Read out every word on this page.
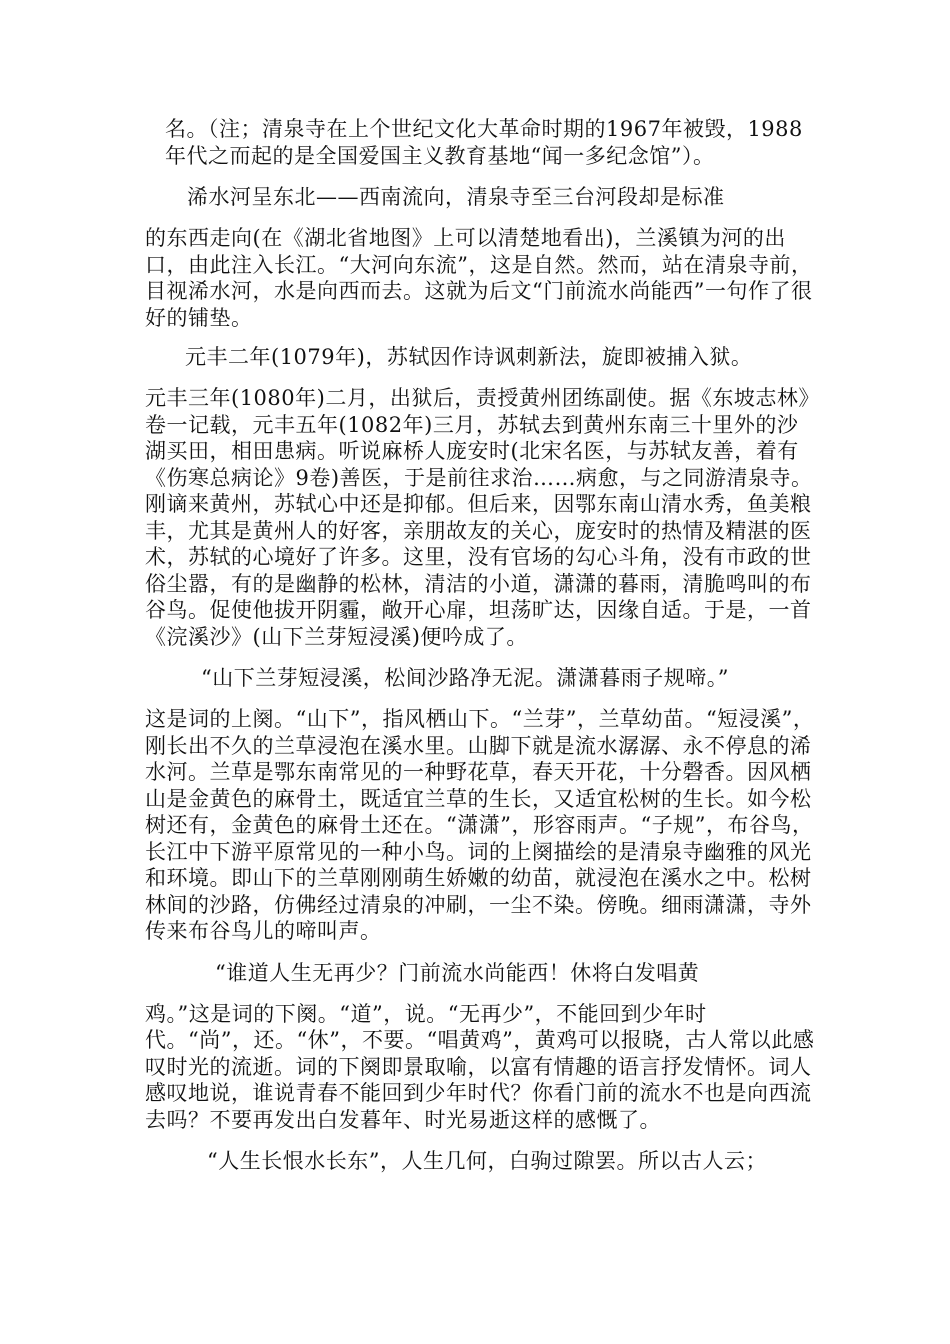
名。（注；清泉寺在上个世纪文化大革命时期的1967年被毁，1988年代之而起的是全国爱国主义教育基地“闻一多纪念馆”）。

浠水河呈东北——西南流向，清泉寺至三台河段却是标准

的东西走向(在《湖北省地图》上可以清楚地看出)，兰溪镇为河的出口，由此注入长江。“大河向东流”，这是自然。然而，站在清泉寺前，目视浠水河，水是向西而去。这就为后文“门前流水尚能西”一句作了很好的铺垫。

元丰二年(1079年)，苏轼因作诗讽刺新法，旋即被捕入狱。

元丰三年(1080年)二月，出狱后，责授黄州团练副使。据《东坡志林》卷一记载，元丰五年(1082年)三月，苏轼去到黄州东南三十里外的沙湖买田，相田患病。听说麻桥人庞安时(北宋名医，与苏轼友善，着有《伤寒总病论》9卷)善医，于是前往求治……病愈，与之同游清泉寺。刚谪来黄州，苏轼心中还是抑郁。但后来，因鄂东南山清水秀，鱼美粮丰，尤其是黄州人的好客，亲朋故友的关心，庞安时的热情及精湛的医术，苏轼的心境好了许多。这里，没有官场的勾心斗角，没有市政的世俗尘嚣，有的是幽静的松林，清洁的小道，潇潇的暮雨，清脆鸣叫的布谷鸟。促使他拔开阴霾，敞开心扉，坦荡旷达，因缘自适。于是，一首《浣溪沙》(山下兰芽短浸溪)便吟成了。

“山下兰芽短浸溪，松间沙路净无泥。潇潇暮雨子规啼。”

这是词的上阕。“山下”，指风栖山下。“兰芽”，兰草幼苗。“短浸溪”，刚长出不久的兰草浸泡在溪水里。山脚下就是流水潺潺、永不停息的浠水河。兰草是鄂东南常见的一种野花草，春天开花，十分磬香。因风栖山是金黄色的麻骨土，既适宜兰草的生长，又适宜松树的生长。如今松树还有，金黄色的麻骨土还在。“潇潇”，形容雨声。“子规”，布谷鸟，长江中下游平原常见的一种小鸟。词的上阕描绘的是清泉寺幽雅的风光和环境。即山下的兰草刚刚萌生娇嫩的幼苗，就浸泡在溪水之中。松树林间的沙路，仿佛经过清泉的冲刷，一尘不染。傍晚。细雨潇潇，寺外传来布谷鸟儿的啼叫声。

“谁道人生无再少？门前流水尚能西！休将白发唱黄

鸡。”这是词的下阕。“道”，说。“无再少”，不能回到少年时代。“尚”，还。“休”，不要。“唱黄鸡”，黄鸡可以报晓，古人常以此感叹时光的流逝。词的下阕即景取喻，以富有情趣的语言抒发情怀。词人感叹地说，谁说青春不能回到少年时代？你看门前的流水不也是向西流去吗？不要再发出白发暮年、时光易逝这样的感慨了。

“人生长恨水长东”，人生几何，白驹过隙罢。所以古人云；
